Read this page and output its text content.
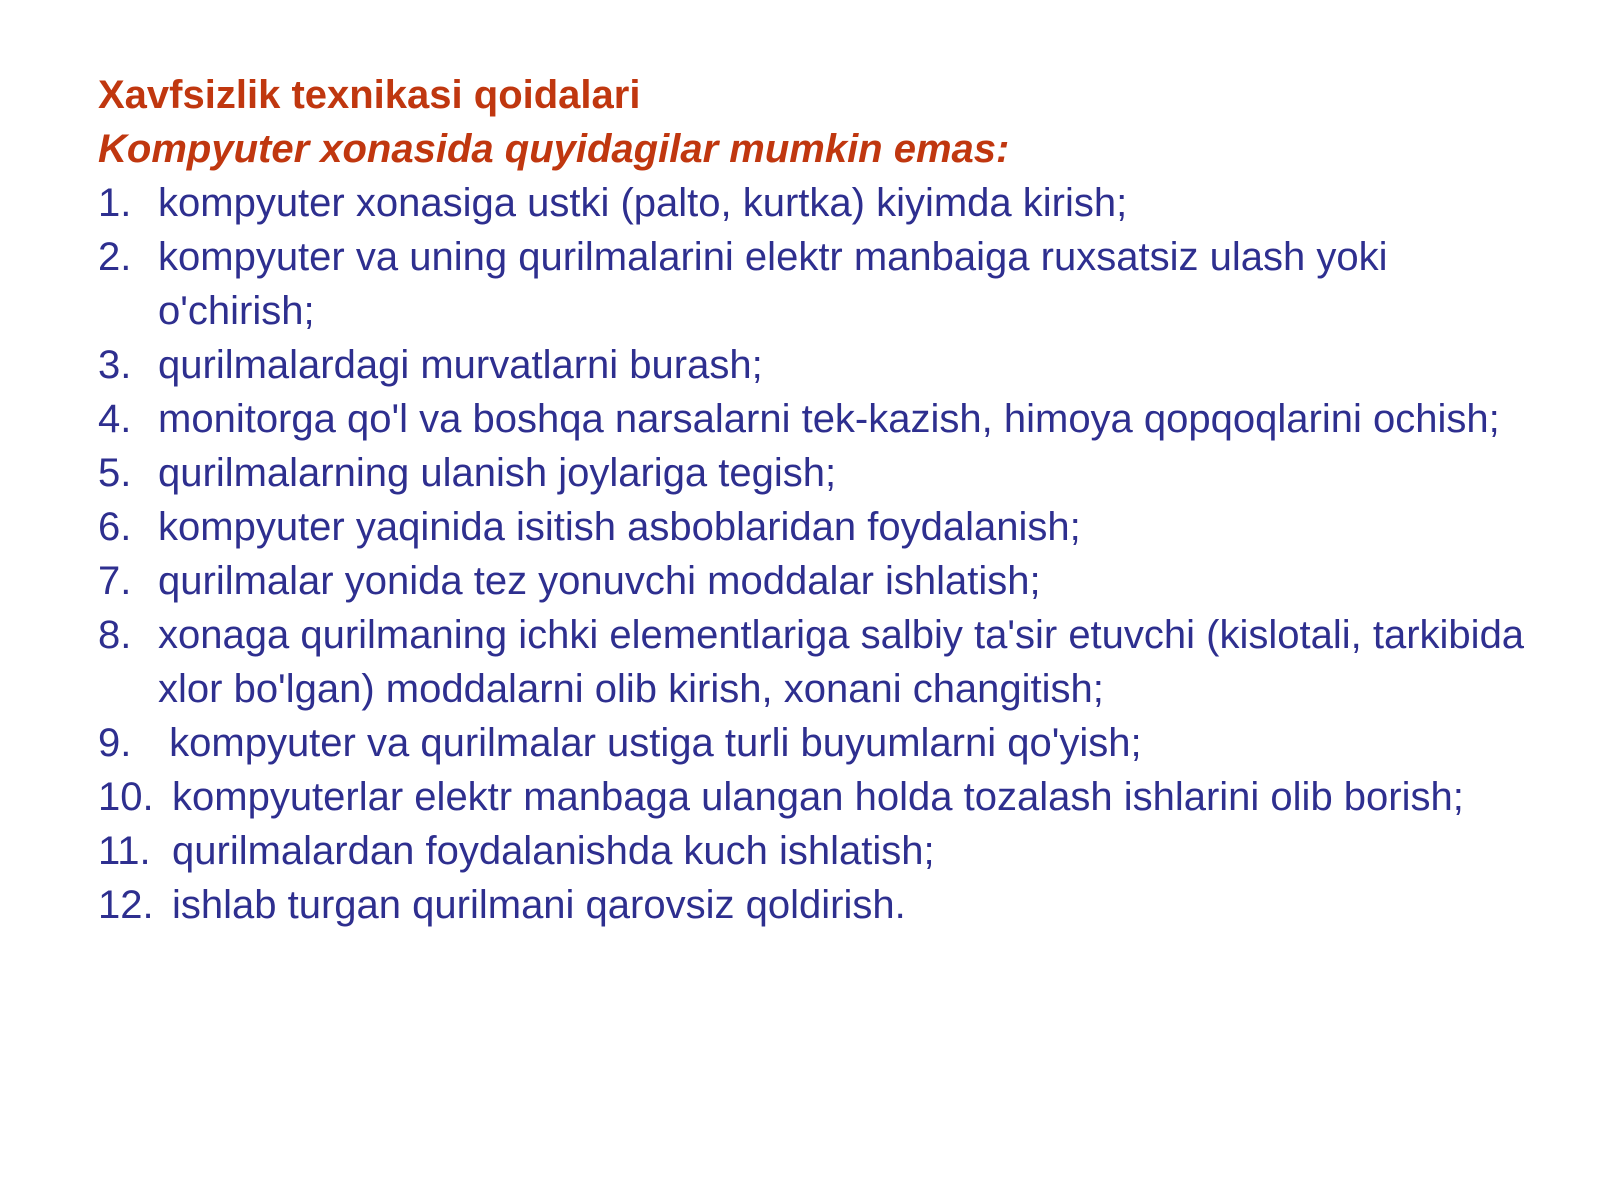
Xavfsizlik texnikasi qoidalari
Kompyuter xonasida quyidagilar mumkin emas:
1. kompyuter xonasiga ustki (palto, kurtka) kiyimda kirish;
2. kompyuter va uning qurilmalarini elektr manbaiga ruxsatsiz ulash yoki  o'chirish;
3. qurilmalardagi murvatlarni burash;
4. monitorga qo'l va boshqa narsalarni tek-kazish, himoya qopqoqlarini ochish;
5. qurilmalarning ulanish joylariga tegish;
6. kompyuter yaqinida isitish asboblaridan foydalanish;
7. qurilmalar yonida tez yonuvchi moddalar ishlatish;
8. xonaga qurilmaning ichki elementlariga salbiy ta'sir etuvchi (kislotali, tarkibida xlor bo'lgan) moddalarni olib kirish, xonani changitish;
9. kompyuter va qurilmalar ustiga turli buyumlarni qo'yish;
10. kompyuterlar elektr manbaga ulangan holda tozalash ishlarini olib borish;
11. qurilmalardan foydalanishda kuch ishlatish;
12. ishlab turgan qurilmani qarovsiz qoldirish.
